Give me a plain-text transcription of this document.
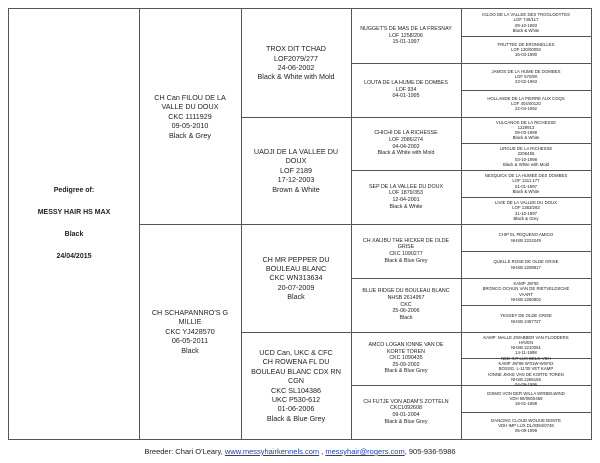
Pedigree of:
MESSY HAIR HS MAX
Black
24/04/2015
CH Can FILOU DE LA
VALLE DU DOUX
CKC 1111929
09-05-2010
Black & Grey
CH SCHAPANNRO'S G
MILLIE
CKC YJ428570
06-05-2011
Black
TROX DIT TCHAD
LOF2079/277
24-06-2002
Black & White with Mold
UADJI DE LA VALLEE DU
DOUX
LOF 2189
17-12-2003
Brown & White
CH MR PEPPER DU
BOULEAU BLANC
CKC WN313634
20-07-2009
Black
UCD Can, UKC & CFC
CH ROWENA FL DU
BOULEAU BLANC CDX RN
CGN
CKC SL104386
UKC P530-612
01-06-2006
Black & Blue Grey
NUGGET'S DE MAS DE LA FRESNAY
LOF 1258/206
15-01-1997
LOUTA DE LA HUME DE DOMBES
LOF 934
04-01-1995
CHICHI DE LA RICHESSE
LOF 2086/274
04-04-2002
Black & White with Mold
SEP DE LA VALLEE DU DOUX
LOF 1879/353
12-04-2001
Black & White
CH XALIBU THE HICKER DE OLDE
GRISE
CKC 1090277
Black & Blue Grey
BLUE RIDGE DU BOULEAU BLANC
NHSB 2614957
CKC
25-06-2006
Black
AMCO LOGAN IONNE VAN DE
KORTE TOREN
CKC 1090435
25-09-2002
Black & Blue Grey
CH FUTJE VON ADAM'S ZOTTELN
CKC1092608
09-01-2004
Black & Blue Grey
IGLOO DE LA VALLEE DES TROGLODYTES
LOF 745/117
09-10-1993
Black & White
FRUTTEE DE ERONNELLES
LOF 130/00093
16-03-1990
JAMOS DE LA HUME DE DOMBES
LOF 570/80
23-02-1993
HOLLANDE DE LA PIERRE AUX COQS
LOF 404/00120
22-04-1992
VULCANOS DE LA RICHESSE
1229913
09-03-1999
Black & White
LIRGUE DE LA RICHESSE
2206455
03-10-1998
Black & White with Mold
NESQUICK DE LA HUMEE DES DOMBES
LOF 1311 177
01-01-1997
Black & White
LIVIE DE LA VALLEE DU DOUX
LOF 1383/283
21-10-1997
Black & Grey
CHIP EL PEQUENO AMIGO
NHSB 2224249
QUELLE ROSE DE OLDE GRISE
NHSB 2208917
KAMP JW'00
BRONCO OCHUN VAN DE RIETVELDSCHE
VAART
NHSB 2260802
YESSEY DE OLDE GRISE
NHSB 2487727
KAMP: MALLE ZWABBER VAN FLODDERS
HAVEN
NHSB 2210061
14-11-1998
NED INT LUX BELG VDH
KAMP JW'99 W'01W-WW'02
BOSSG. L-11'00 VET KAMP
IONNE JIKKE VAN DE KORTE TOREN
NHSB 2286156
04-09-1996
DISMO VON DER WILLA WIRBELWIND
VDH 98/0600459
18-01-1998
DANCING CLOUD WOLKIE BONTE
VDH IMP LUX DL/8394/0748
05-08-1999
Breeder: Chari O'Leary, www.messyhairkennels.com , messyhair@rogers.com, 905-936-5986
